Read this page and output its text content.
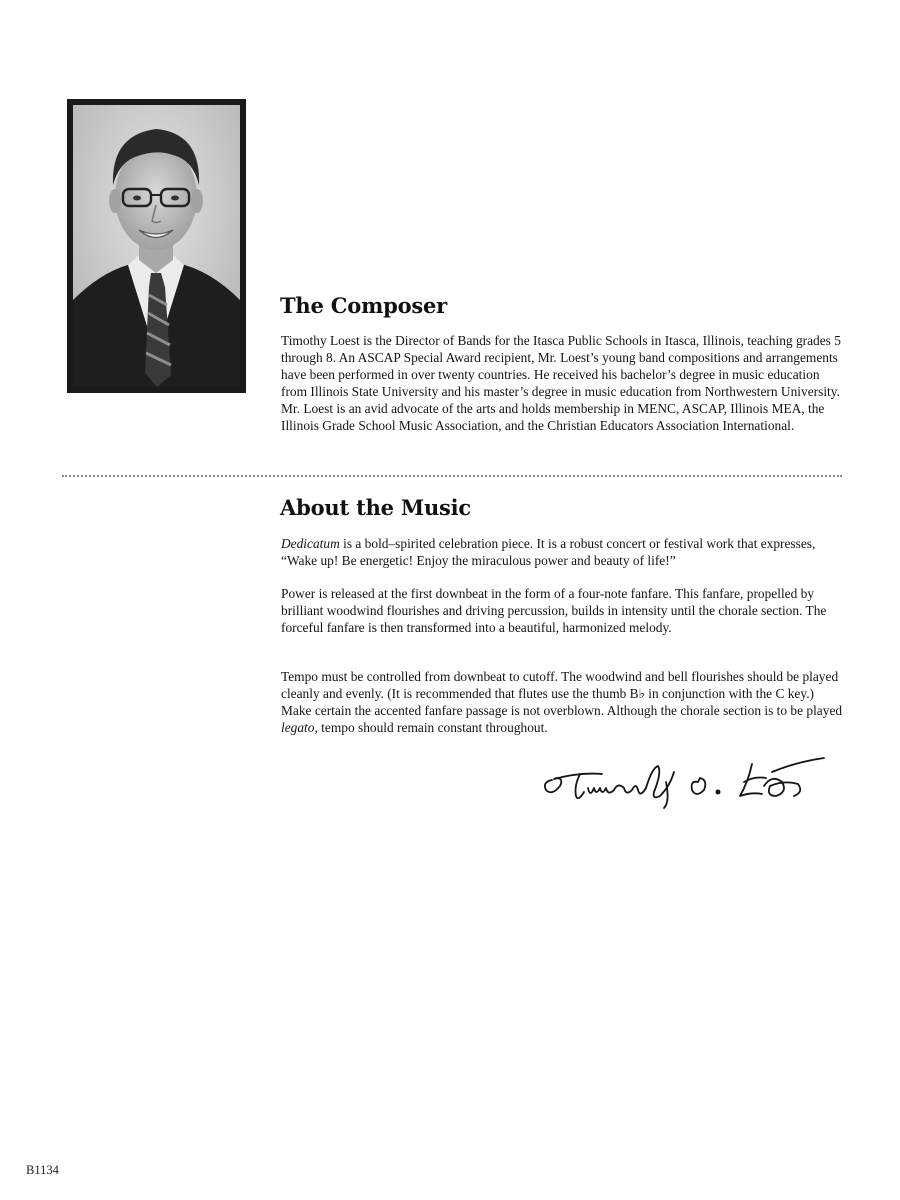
The Composer

Timothy Loest is the Director of Bands for the Itasca Public Schools in Itasca, Illinois, teaching grades 5 through 8. An ASCAP Special Award recipient, Mr. Loest’s young band compositions and arrangements have been performed in over twenty countries. He received his bachelor’s degree in music education from Illinois State University and his master’s degree in music education from Northwestern University. Mr. Loest is an avid advocate of the arts and holds membership in MENC, ASCAP, Illinois MEA, the Illinois Grade School Music Association, and the Christian Educators Association International.

About the Music

Dedicatum is a bold–spirited celebration piece. It is a robust concert or festival work that expresses, “Wake up! Be energetic! Enjoy the miraculous power and beauty of life!”

Power is released at the first downbeat in the form of a four-note fanfare. This fanfare, propelled by brilliant woodwind flourishes and driving percussion, builds in intensity until the chorale section. The forceful fanfare is then transformed into a beautiful, harmonized melody.

Tempo must be controlled from downbeat to cutoff. The woodwind and bell flourishes should be played cleanly and evenly. (It is recommended that flutes use the thumb B♭ in conjunction with the C key.) Make certain the accented fanfare passage is not overblown. Although the chorale section is to be played legato, tempo should remain constant throughout.

B1134
